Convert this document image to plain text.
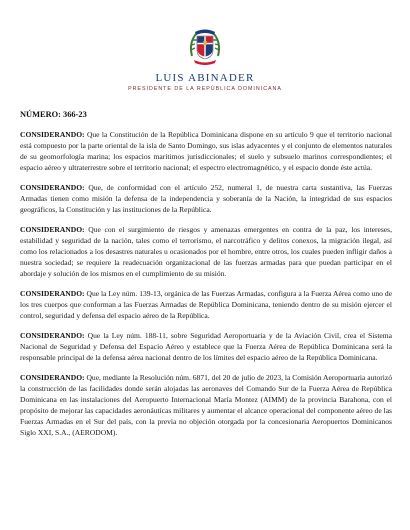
LUIS ABINADER
PRESIDENTE DE LA REPÚBLICA DOMINICANA
NÚMERO: 366-23

CONSIDERANDO: Que la Constitución de la República Dominicana dispone en su artículo 9 que el territorio nacional está compuesto por la parte oriental de la isla de Santo Domingo, sus islas adyacentes y el conjunto de elementos naturales de su geomorfología marina; los espacios marítimos jurisdiccionales; el suelo y subsuelo marinos correspondientes; el espacio aéreo y ultraterrestre sobre el territorio nacional; el espectro electromagnético, y el espacio donde éste actúa.

CONSIDERANDO: Que, de conformidad con el artículo 252, numeral 1, de nuestra carta sustantiva, las Fuerzas Armadas tienen como misión la defensa de la independencia y soberanía de la Nación, la integridad de sus espacios geográficos, la Constitución y las instituciones de la República.

CONSIDERANDO: Que con el surgimiento de riesgos y amenazas emergentes en contra de la paz, los intereses, estabilidad y seguridad de la nación, tales como el terrorismo, el narcotráfico y delitos conexos, la migración ilegal, así como los relacionados a los desastres naturales u ocasionados por el hombre, entre otros, los cuales pueden infligir daños a nuestra sociedad; se requiere la readecuación organizacional de las fuerzas armadas para que puedan participar en el abordaje y solución de los mismos en el cumplimiento de su misión.

CONSIDERANDO: Que la Ley núm. 139-13, orgánica de las Fuerzas Armadas, configura a la Fuerza Aérea como uno de los tres cuerpos que conforman a las Fuerzas Armadas de República Dominicana, teniendo dentro de su misión ejercer el control, seguridad y defensa del espacio aéreo de la República.

CONSIDERANDO: Que la Ley núm. 188-11, sobre Seguridad Aeroportuaria y de la Aviación Civil, crea el Sistema Nacional de Seguridad y Defensa del Espacio Aéreo y establece que la Fuerza Aérea de República Dominicana será la responsable principal de la defensa aérea nacional dentro de los límites del espacio aéreo de la República Dominicana.

CONSIDERANDO: Que, mediante la Resolución núm. 6871, del 20 de julio de 2023, la Comisión Aeroportuaria autorizó la construcción de las facilidades donde serán alojadas las aeronaves del Comando Sur de la Fuerza Aérea de República Dominicana en las instalaciones del Aeropuerto Internacional María Montez (AIMM) de la provincia Barahona, con el propósito de mejorar las capacidades aeronáuticas militares y aumentar el alcance operacional del componente aéreo de las Fuerzas Armadas en el Sur del país, con la previa no objeción otorgada por la concesionaria Aeropuertos Dominicanos Siglo XXI, S.A., (AERODOM).
